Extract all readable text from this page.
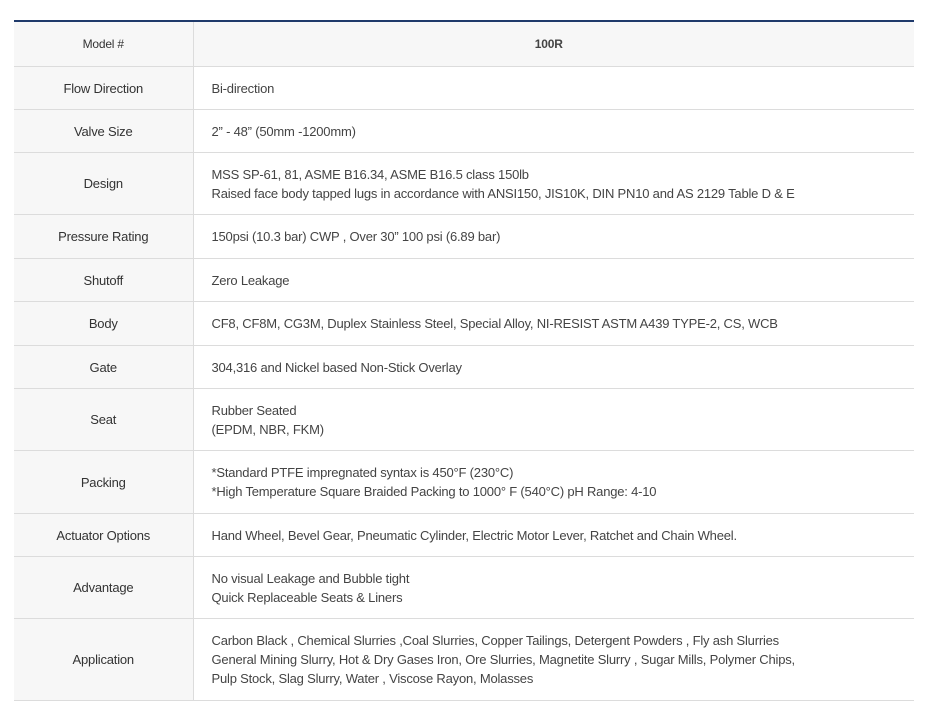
Model #	100R
Flow Direction	Bi-direction

Valve Size	2” - 48” (50mm -1200mm)

Design	MSS SP-61, 81, ASME B16.34, ASME B16.5 class 150lb
Raised face body tapped lugs in accordance with ANSI150, JIS10K, DIN PN10 and AS 2129 Table D & E

Pressure Rating	150psi (10.3 bar) CWP , Over 30” 100 psi (6.89 bar)

Shutoff	Zero Leakage

Body	CF8, CF8M, CG3M, Duplex Stainless Steel, Special Alloy, NI-RESIST ASTM A439 TYPE-2, CS, WCB

Gate	304,316 and Nickel based Non-Stick Overlay

Seat	Rubber Seated
(EPDM, NBR, FKM)

Packing	*Standard PTFE impregnated syntax is 450°F (230°C)
*High Temperature Square Braided Packing to 1000° F (540°C) pH Range: 4-10

Actuator Options	Hand Wheel, Bevel Gear, Pneumatic Cylinder, Electric Motor Lever, Ratchet and Chain Wheel.

Advantage	No visual Leakage and Bubble tight
Quick Replaceable Seats & Liners

Application	Carbon Black , Chemical Slurries ,Coal Slurries, Copper Tailings, Detergent Powders , Fly ash Slurries
General Mining Slurry, Hot & Dry Gases Iron, Ore Slurries, Magnetite Slurry , Sugar Mills, Polymer Chips,
Pulp Stock, Slag Slurry, Water , Viscose Rayon, Molasses
